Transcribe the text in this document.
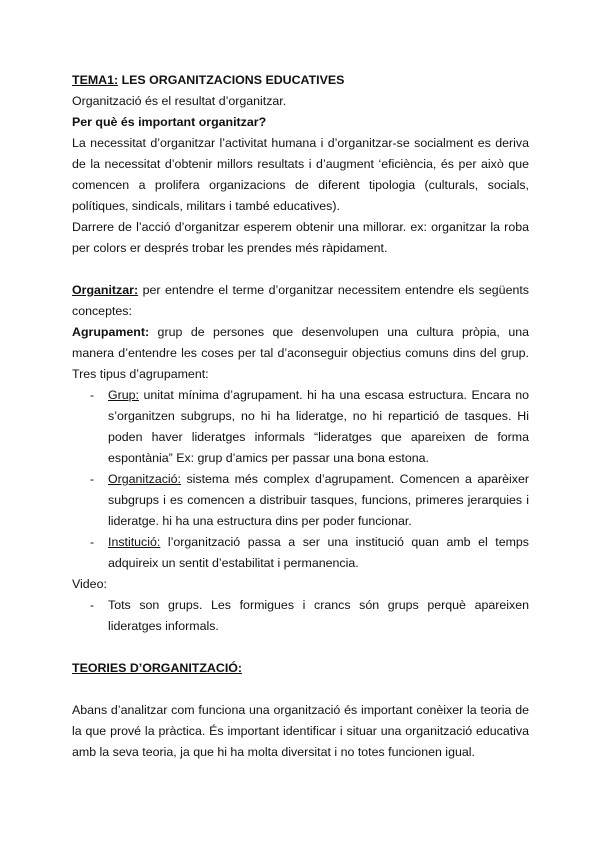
TEMA1: LES ORGANITZACIONS EDUCATIVES

Organització és el resultat d’organitzar.

Per què és important organitzar?

La necessitat d’organitzar l’activitat humana i d’organitzar-se socialment es deriva de la necessitat d’obtenir millors resultats i d’augment ‘eficiència, és per això que comencen a prolifera organizacions de diferent tipologia (culturals, socials, polítiques, sindicals, militars i també educatives).

Darrere de l’acció d’organitzar esperem obtenir una millorar. ex: organitzar la roba per colors er després trobar les prendes més ràpidament.

Organitzar: per entendre el terme d’organitzar necessitem entendre els següents conceptes:

Agrupament: grup de persones que desenvolupen una cultura pròpia, una manera d’entendre les coses per tal d’aconseguir objectius comuns dins del grup. Tres tipus d’agrupament:

- Grup: unitat mínima d’agrupament. hi ha una escasa estructura. Encara no s’organitzen subgrups, no hi ha lideratge, no hi repartició de tasques. Hi poden haver lideratges informals “lideratges que apareixen de forma espontània” Ex: grup d’amics per passar una bona estona.
- Organització: sistema més complex d’agrupament. Comencen a aparèixer subgrups i es comencen a distribuir tasques, funcions, primeres jerarquies i lideratge. hi ha una estructura dins per poder funcionar.
- Institució: l’organització passa a ser una institució quan amb el temps adquireix un sentit d’estabilitat i permanencia.

Video:

- Tots son grups. Les formigues i crancs són grups perquè apareixen lideratges informals.

TEORIES D’ORGANITZACIÓ:

Abans d’analitzar com funciona una organització és important conèixer la teoria de la que prové la pràctica. És important identificar i situar una organització educativa amb la seva teoria, ja que hi ha molta diversitat i no totes funcionen igual.
